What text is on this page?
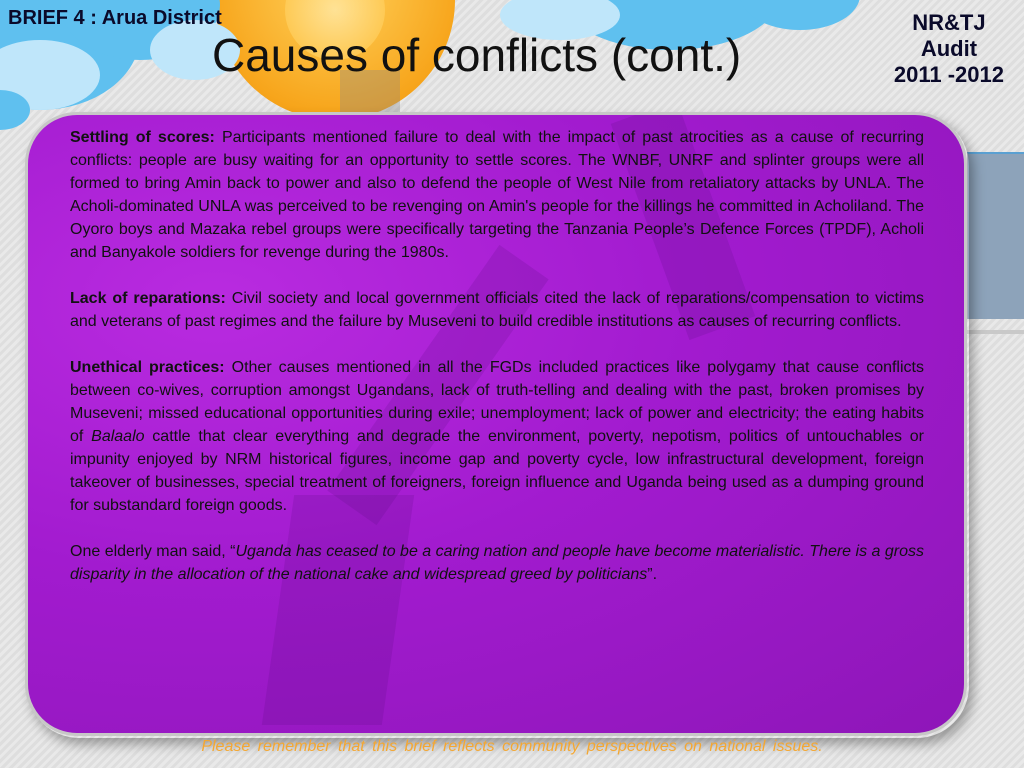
BRIEF 4 : Arua District
Causes of conflicts (cont.)
NR&TJ
Audit
2011 -2012

Settling of scores: Participants mentioned failure to deal with the impact of past atrocities as a cause of recurring conflicts: people are busy waiting for an opportunity to settle scores. The WNBF, UNRF and splinter groups were all formed to bring Amin back to power and also to defend the people of West Nile from retaliatory attacks by UNLA. The Acholi-dominated UNLA was perceived to be revenging on Amin's people for the killings he committed in Acholiland. The Oyoro boys and Mazaka rebel groups were specifically targeting the Tanzania People’s Defence Forces (TPDF), Acholi and Banyakole soldiers for revenge during the 1980s.

Lack of reparations: Civil society and local government officials cited the lack of reparations/compensation to victims and veterans of past regimes and the failure by Museveni to build credible institutions as causes of recurring conflicts.

Unethical practices: Other causes mentioned in all the FGDs included practices like polygamy that cause conflicts between co-wives, corruption amongst Ugandans, lack of truth-telling and dealing with the past, broken promises by Museveni; missed educational opportunities during exile; unemployment; lack of power and electricity; the eating habits of Balaalo cattle that clear everything and degrade the environment, poverty, nepotism, politics of untouchables or impunity enjoyed by NRM historical figures, income gap and poverty cycle, low infrastructural development, foreign takeover of businesses, special treatment of foreigners, foreign influence and Uganda being used as a dumping ground for substandard foreign goods.

One elderly man said, “Uganda has ceased to be a caring nation and people have become materialistic. There is a gross disparity in the allocation of the national cake and widespread greed by politicians”.

Please remember that this brief reflects community perspectives on national issues.
